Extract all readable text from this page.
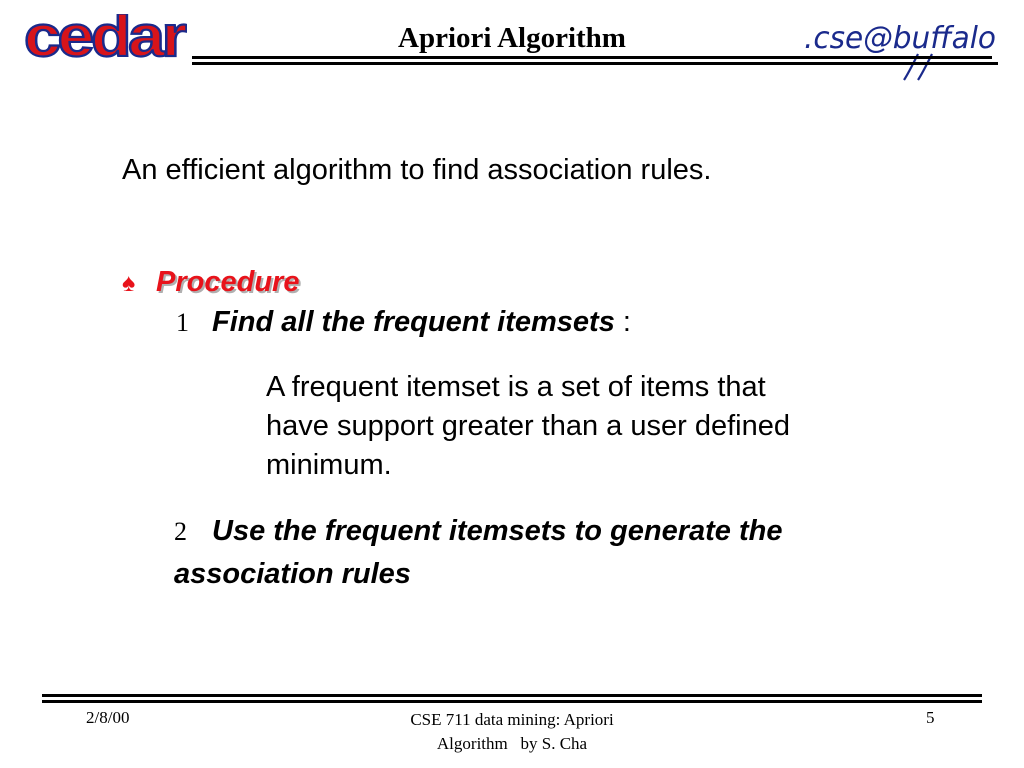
cedar	Apriori Algorithm	.cse@buffalo

An efficient algorithm to find association rules.

♠ Procedure
1 Find all the frequent itemsets :

A frequent itemset is a set of items that
have support greater than a user defined
minimum.

2 Use the frequent itemsets to generate the
association rules
2/8/00	CSE 711 data mining: Apriori
Algorithm   by S. Cha
5
